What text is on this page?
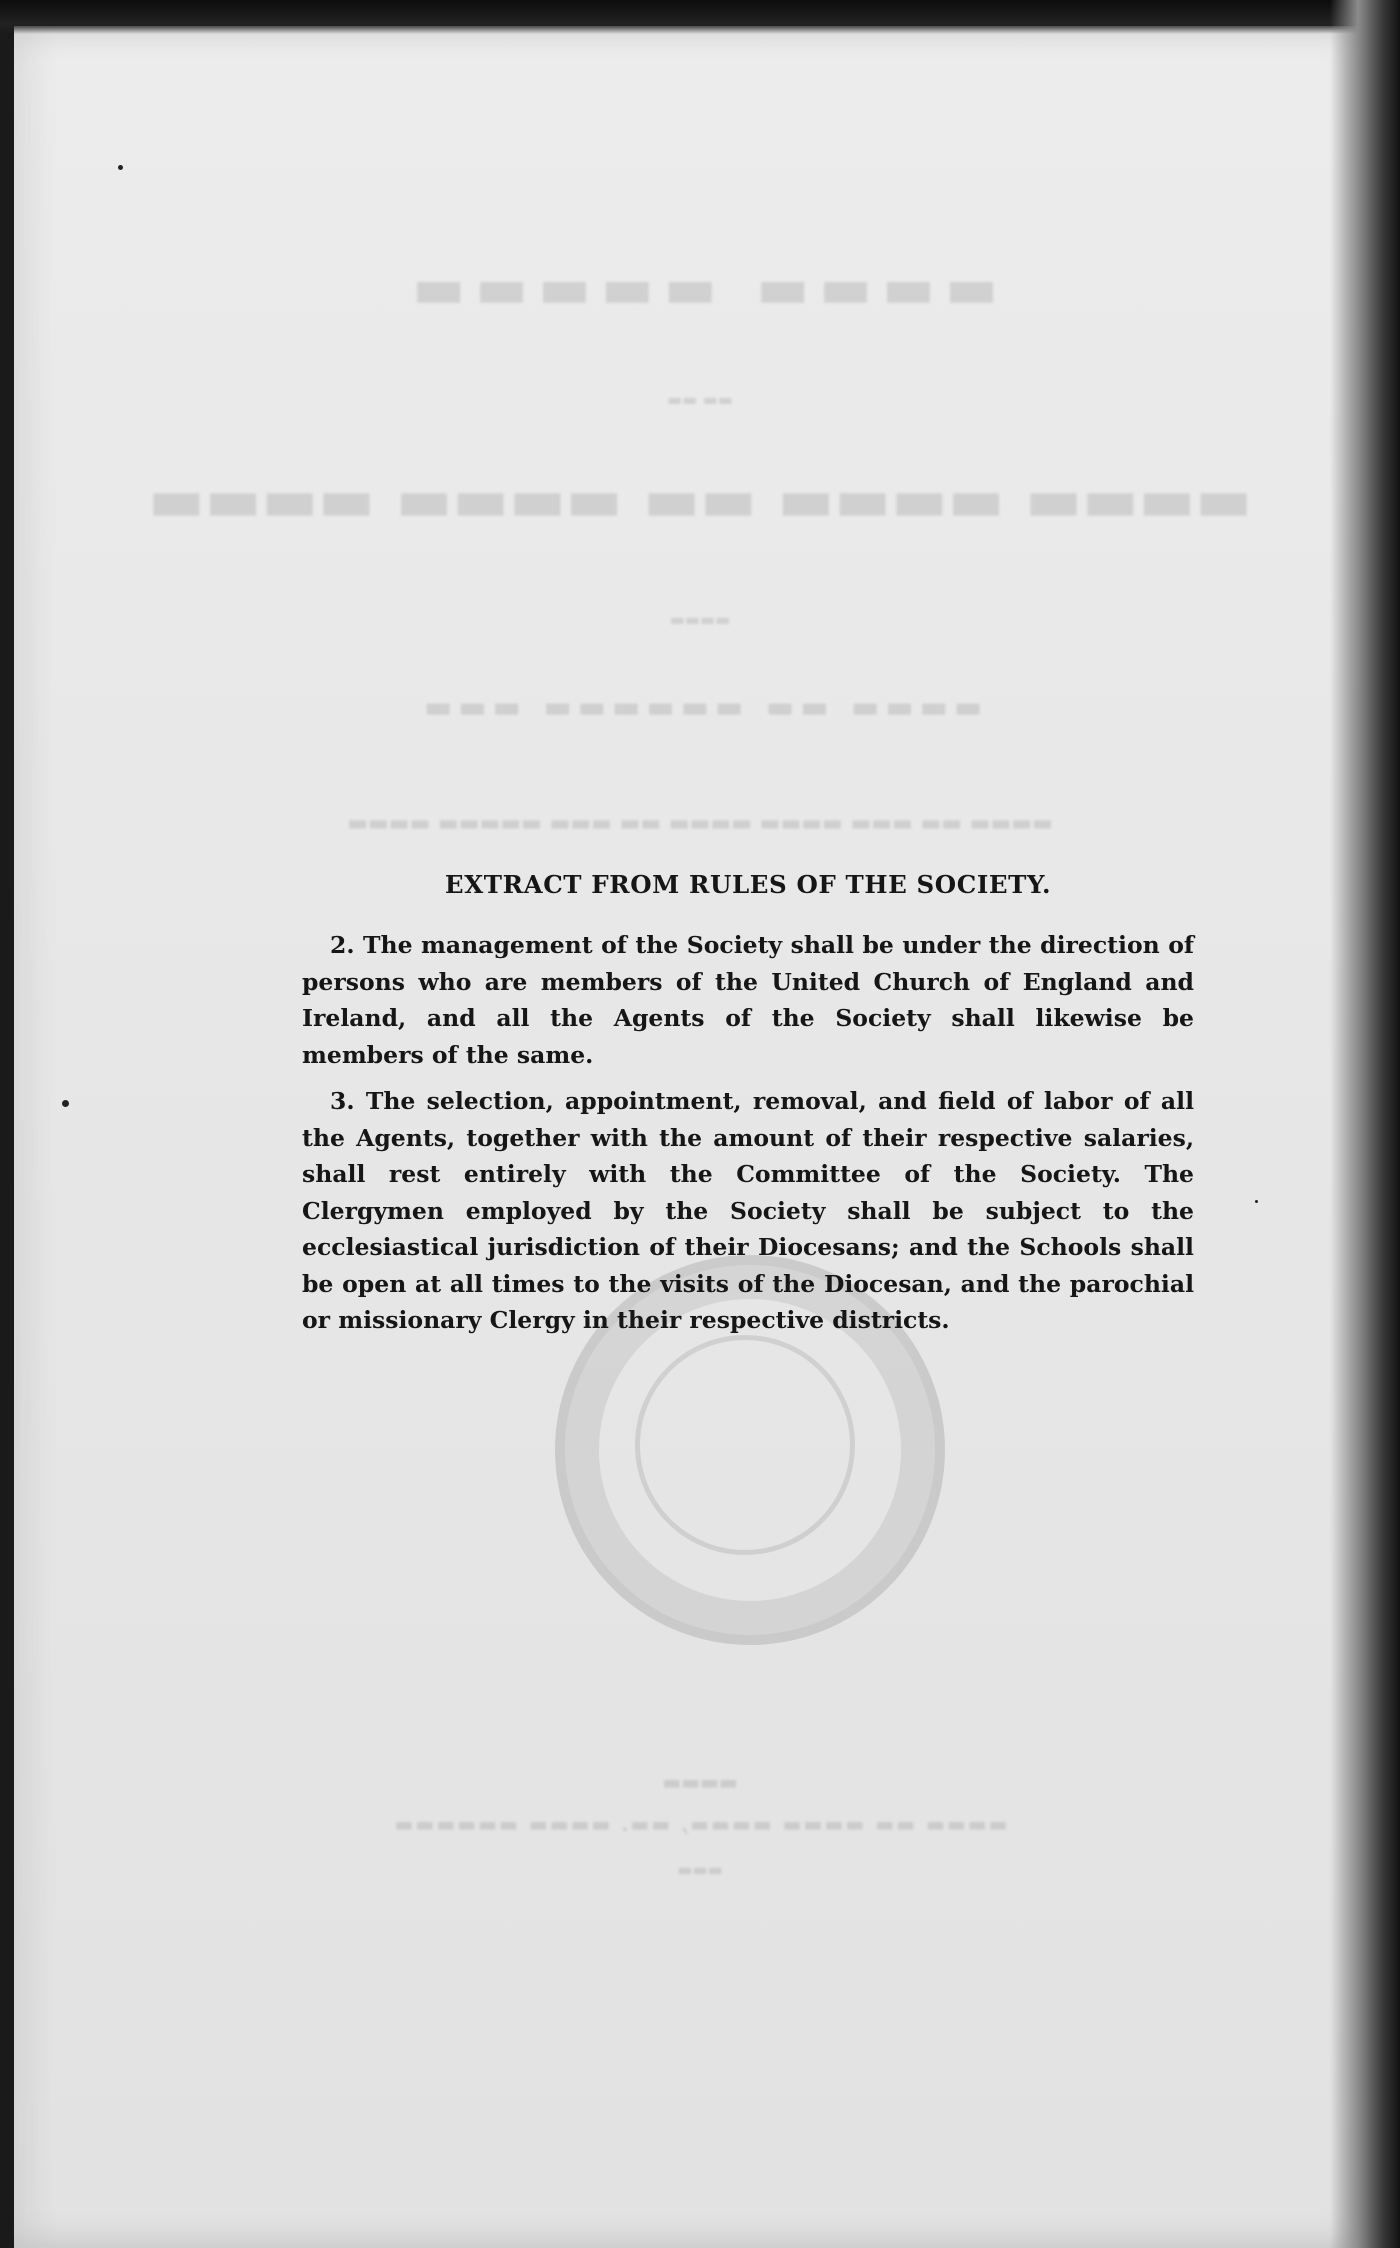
▬▬▬▬ ▬▬▬▬▬
▬▬ ▬▬
▬▬▬▬ ▬▬▬▬ ▬▬ ▬▬▬▬ ▬▬▬▬
▬▬▬▬
▬▬▬▬ ▬▬ ▬▬▬▬▬▬ ▬▬▬
▬▬▬▬ ▬▬ ▬▬▬ ▬▬▬▬ ▬▬▬▬ ▬▬ ▬▬▬ ▬▬▬▬▬ ▬▬▬▬
▬▬▬▬
▬▬▬▬ ▬▬ ▬▬▬▬ ▬▬▬▬, ▬▬. ▬▬▬▬ ▬▬▬▬▬▬
▬▬▬
EXTRACT FROM RULES OF THE SOCIETY.

2. The management of the Society shall be under the direction of persons who are members of the United Church of England and Ireland, and all the Agents of the Society shall likewise be members of the same.

3. The selection, appointment, removal, and field of labor of all the Agents, together with the amount of their respective salaries, shall rest entirely with the Committee of the Society. The Clergymen employed by the Society shall be subject to the ecclesiastical jurisdiction of their Diocesans; and the Schools shall be open at all times to the visits of the Diocesan, and the parochial or missionary Clergy in their respective districts.
